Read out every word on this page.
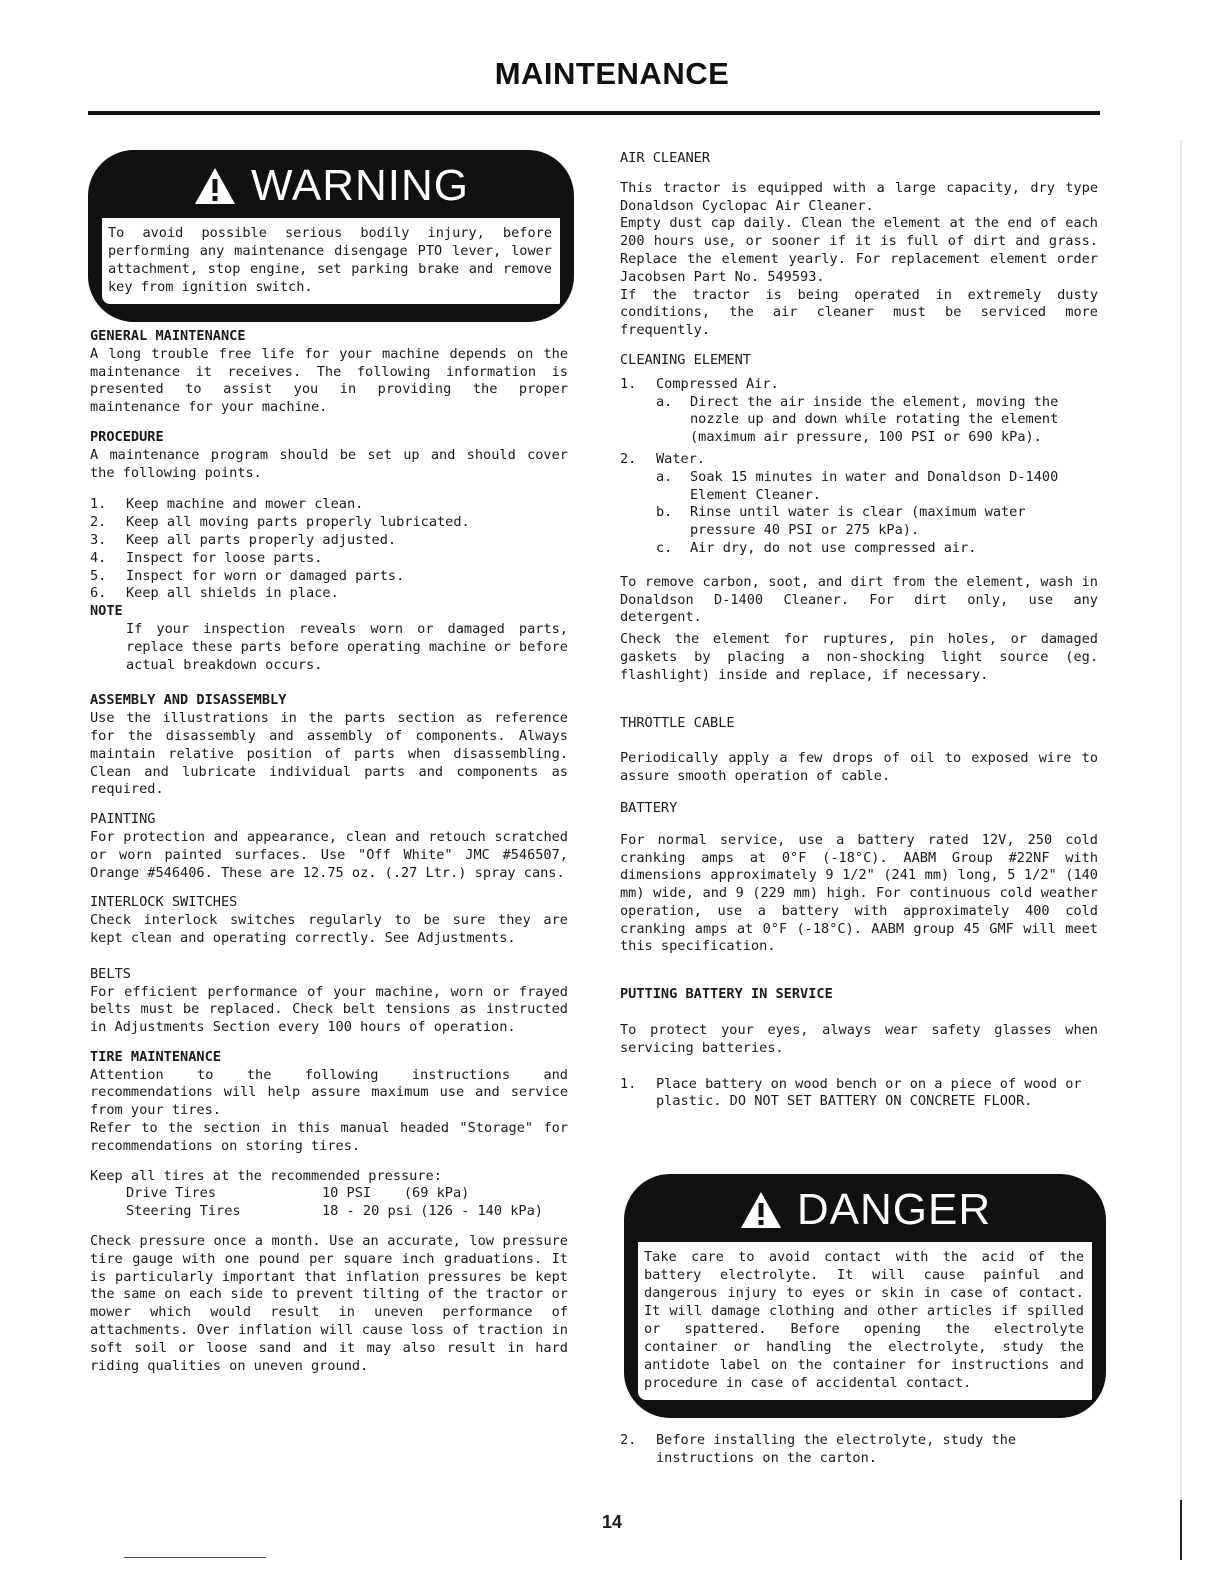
MAINTENANCE
WARNING
To avoid possible serious bodily injury, before performing any maintenance disengage PTO lever, lower attachment, stop engine, set parking brake and remove key from ignition switch.

GENERAL MAINTENANCE

A long trouble free life for your machine depends on the maintenance it receives. The following information is presented to assist you in providing the proper maintenance for your machine.

PROCEDURE

A maintenance program should be set up and should cover the following points.

1.	Keep machine and mower clean.
2.	Keep all moving parts properly lubricated.
3.	Keep all parts properly adjusted.
4.	Inspect for loose parts.
5.	Inspect for worn or damaged parts.
6.	Keep all shields in place.

NOTE

If your inspection reveals worn or damaged parts, replace these parts before operating machine or before actual breakdown occurs.

ASSEMBLY AND DISASSEMBLY

Use the illustrations in the parts section as reference for the disassembly and assembly of components. Always maintain relative position of parts when disassembling. Clean and lubricate individual parts and components as required.

PAINTING

For protection and appearance, clean and retouch scratched or worn painted surfaces. Use "Off White" JMC #546507, Orange #546406. These are 12.75 oz. (.27 Ltr.) spray cans.

INTERLOCK SWITCHES

Check interlock switches regularly to be sure they are kept clean and operating correctly. See Adjustments.

BELTS

For efficient performance of your machine, worn or frayed belts must be replaced. Check belt tensions as instructed in Adjustments Section every 100 hours of operation.

TIRE MAINTENANCE

Attention to the following instructions and recommendations will help assure maximum use and service from your tires.

Refer to the section in this manual headed "Storage" for recommendations on storing tires.

Keep all tires at the recommended pressure:

Drive Tires	10 PSI    (69 kPa)
Steering Tires	18 - 20 psi (126 - 140 kPa)

Check pressure once a month. Use an accurate, low pressure tire gauge with one pound per square inch graduations. It is particularly important that inflation pressures be kept the same on each side to prevent tilting of the tractor or mower which would result in uneven performance of attachments. Over inflation will cause loss of traction in soft soil or loose sand and it may also result in hard riding qualities on uneven ground.

AIR CLEANER

This tractor is equipped with a large capacity, dry type Donaldson Cyclopac Air Cleaner.

Empty dust cap daily. Clean the element at the end of each 200 hours use, or sooner if it is full of dirt and grass. Replace the element yearly. For replacement element order Jacobsen Part No. 549593.

If the tractor is being operated in extremely dusty conditions, the air cleaner must be serviced more frequently.

CLEANING ELEMENT

1.	Compressed Air.
a.	Direct the air inside the element, moving the nozzle up and down while rotating the element (maximum air pressure, 100 PSI or 690 kPa).
2.	Water.
a.	Soak 15 minutes in water and Donaldson D-1400 Element Cleaner.
b.	Rinse until water is clear (maximum water pressure 40 PSI or 275 kPa).
c.	Air dry, do not use compressed air.

To remove carbon, soot, and dirt from the element, wash in Donaldson D-1400 Cleaner. For dirt only, use any detergent.

Check the element for ruptures, pin holes, or damaged gaskets by placing a non-shocking light source (eg. flashlight) inside and replace, if necessary.

THROTTLE CABLE

Periodically apply a few drops of oil to exposed wire to assure smooth operation of cable.

BATTERY

For normal service, use a battery rated 12V, 250 cold cranking amps at 0°F (-18°C). AABM Group #22NF with dimensions approximately 9 1/2" (241 mm) long, 5 1/2" (140 mm) wide, and 9 (229 mm) high. For continuous cold weather operation, use a battery with approximately 400 cold cranking amps at 0°F (-18°C). AABM group 45 GMF will meet this specification.

PUTTING BATTERY IN SERVICE

To protect your eyes, always wear safety glasses when servicing batteries.

1.	Place battery on wood bench or on a piece of wood or plastic. DO NOT SET BATTERY ON CONCRETE FLOOR.
DANGER
Take care to avoid contact with the acid of the battery electrolyte. It will cause painful and dangerous injury to eyes or skin in case of contact. It will damage clothing and other articles if spilled or spattered. Before opening the electrolyte container or handling the electrolyte, study the antidote label on the container for instructions and procedure in case of accidental contact.
2.	Before installing the electrolyte, study the instructions on the carton.
14
